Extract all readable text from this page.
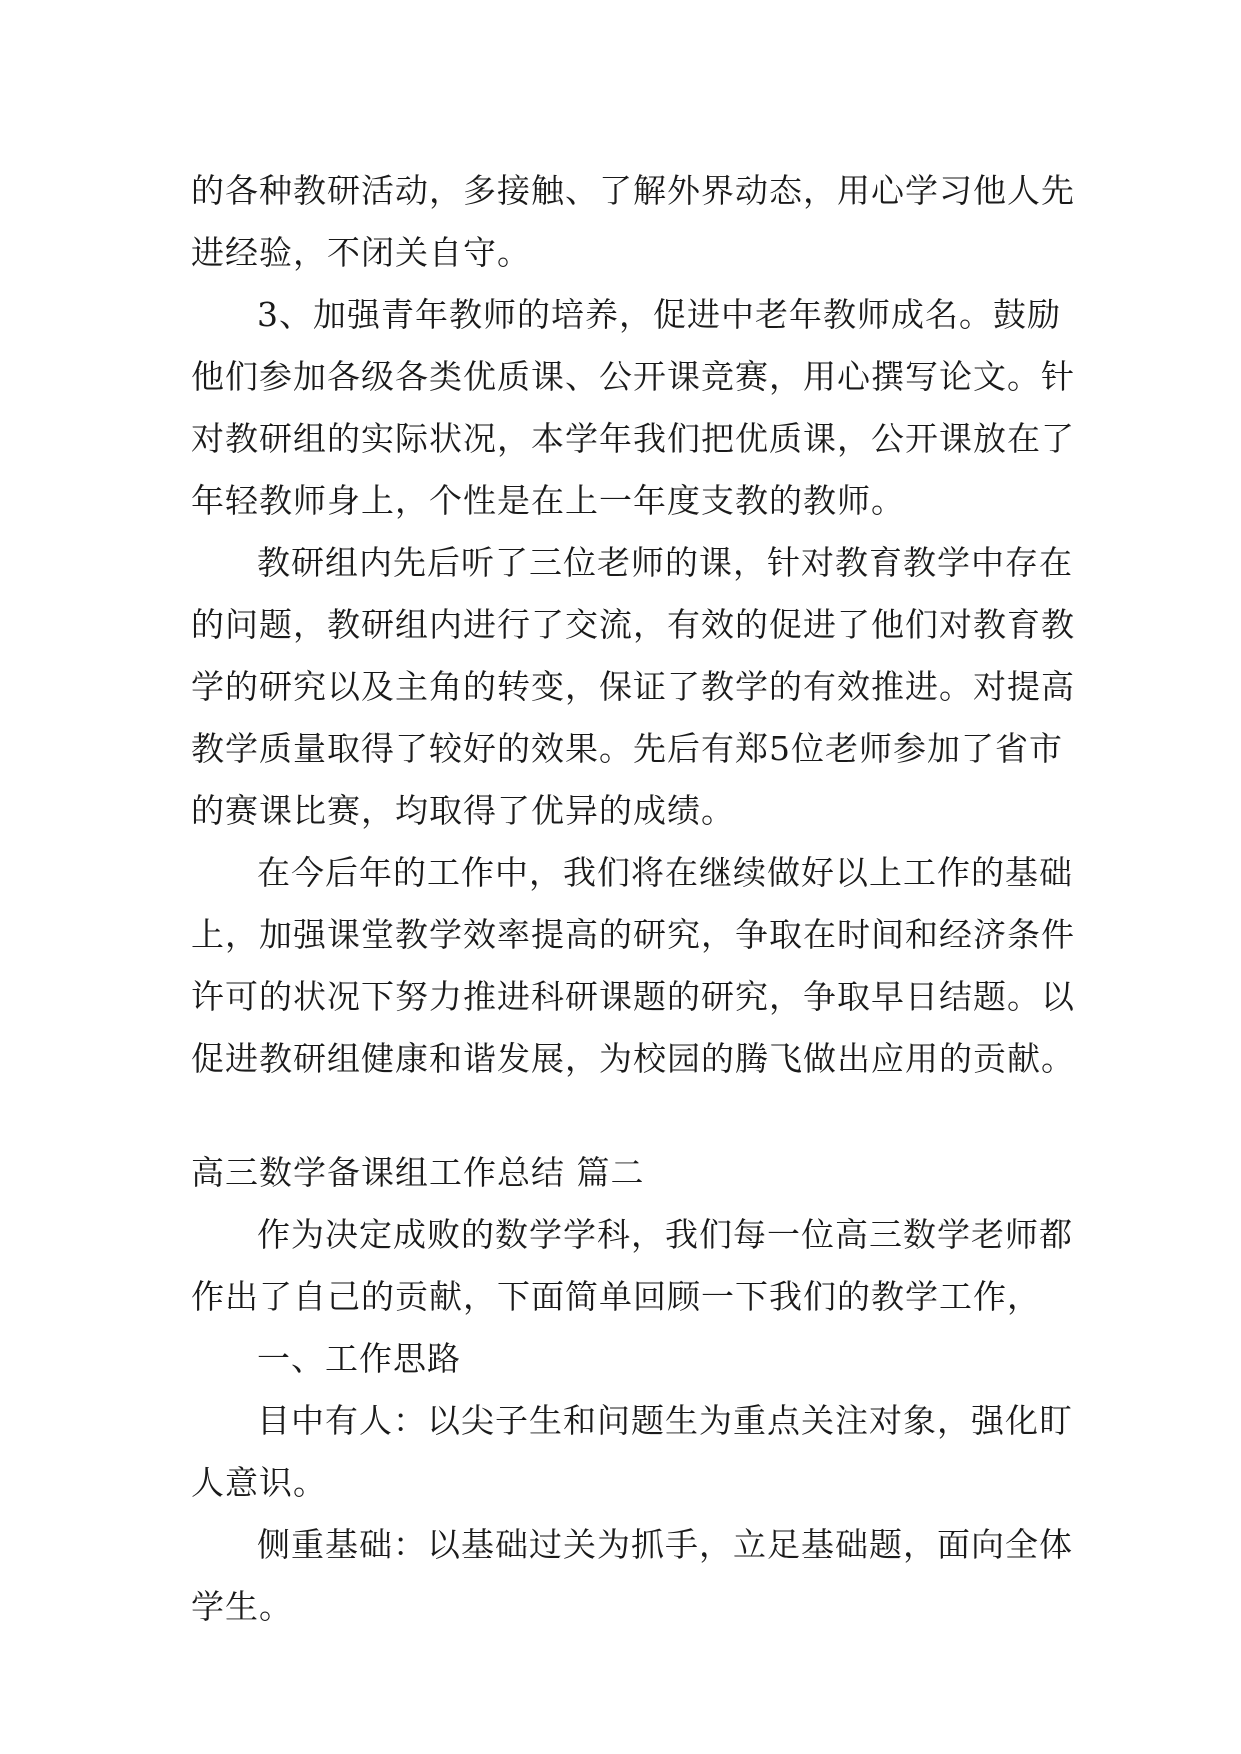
的各种教研活动，多接触、了解外界动态，用心学习他人先
进经验，不闭关自守。
3、加强青年教师的培养，促进中老年教师成名。鼓励
他们参加各级各类优质课、公开课竞赛，用心撰写论文。针
对教研组的实际状况，本学年我们把优质课，公开课放在了
年轻教师身上，个性是在上一年度支教的教师。
教研组内先后听了三位老师的课，针对教育教学中存在
的问题，教研组内进行了交流，有效的促进了他们对教育教
学的研究以及主角的转变，保证了教学的有效推进。对提高
教学质量取得了较好的效果。先后有郑5位老师参加了省市
的赛课比赛，均取得了优异的成绩。
在今后年的工作中，我们将在继续做好以上工作的基础
上，加强课堂教学效率提高的研究，争取在时间和经济条件
许可的状况下努力推进科研课题的研究，争取早日结题。以
促进教研组健康和谐发展，为校园的腾飞做出应用的贡献。
高三数学备课组工作总结 篇二
作为决定成败的数学学科，我们每一位高三数学老师都
作出了自己的贡献，下面简单回顾一下我们的教学工作，
一、工作思路
目中有人：以尖子生和问题生为重点关注对象，强化盯
人意识。
侧重基础：以基础过关为抓手，立足基础题，面向全体
学生。
